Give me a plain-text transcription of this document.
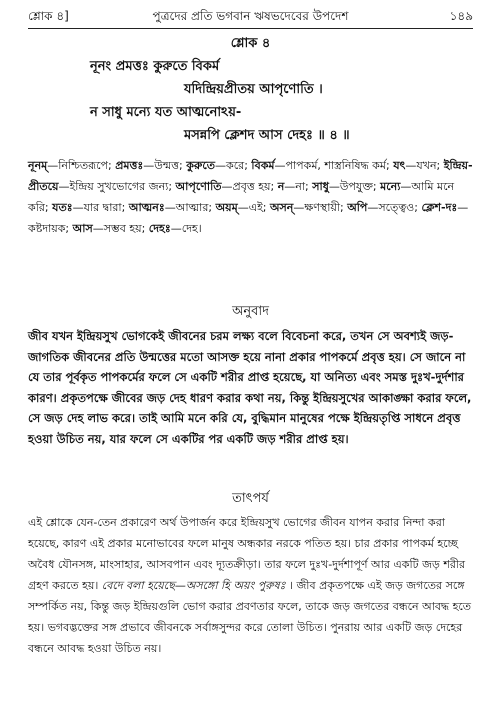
শ্লোক ৪]	পুত্রদের প্রতি ভগবান ঋষভদেবের উপদেশ	১৪৯
শ্লোক ৪
নূনং প্রমত্তঃ কুরুতে বিকর্ম
যদিন্দ্রিয়প্রীতয় আপৃণোতি ।
ন সাধু মন্যে যত আত্মনোঽয়-
মসন্নপি ক্লেশদ আস দেহঃ ॥ ৪ ॥
নূনম্—নিশ্চিতরূপে; প্রমত্তঃ—উন্মত্ত; কুরুতে—করে; বিকর্ম—পাপকর্ম, শাস্ত্রনিষিদ্ধ কর্ম; যৎ—যখন; ইন্দ্রিয়-প্রীতয়ে—ইন্দ্রিয় সুখভোগের জন্য; আপৃণোতি—প্রবৃত্ত হয়; ন—না; সাধু—উপযুক্ত; মন্যে—আমি মনে করি; যতঃ—যার দ্বারা; আত্মনঃ—আত্মার; অয়ম্—এই; অসন্—ক্ষণস্থায়ী; অপি—সত্ত্বেও; ক্লেশ-দঃ—কষ্টদায়ক; আস—সম্ভব হয়; দেহঃ—দেহ।
অনুবাদ
জীব যখন ইন্দ্রিয়সুখ ভোগকেই জীবনের চরম লক্ষ্য বলে বিবেচনা করে, তখন সে অবশ্যই জড়-জাগতিক জীবনের প্রতি উন্মত্তের মতো আসক্ত হয়ে নানা প্রকার পাপকর্মে প্রবৃত্ত হয়। সে জানে না যে তার পূর্বকৃত পাপকর্মের ফলে সে একটি শরীর প্রাপ্ত হয়েছে, যা অনিত্য এবং সমস্ত দুঃখ-দুর্দশার কারণ। প্রকৃতপক্ষে জীবের জড় দেহ ধারণ করার কথা নয়, কিন্তু ইন্দ্রিয়সুখের আকাঙ্ক্ষা করার ফলে, সে জড় দেহ লাভ করে। তাই আমি মনে করি যে, বুদ্ধিমান মানুষের পক্ষে ইন্দ্রিয়তৃপ্তি সাধনে প্রবৃত্ত হওয়া উচিত নয়, যার ফলে সে একটির পর একটি জড় শরীর প্রাপ্ত হয়।
তাৎপর্য
এই শ্লোকে যেন-তেন প্রকারেণ অর্থ উপার্জন করে ইন্দ্রিয়সুখ ভোগের জীবন যাপন করার নিন্দা করা হয়েছে, কারণ এই প্রকার মনোভাবের ফলে মানুষ অন্ধকার নরকে পতিত হয়। চার প্রকার পাপকর্ম হচ্ছে অবৈধ যৌনসঙ্গ, মাংসাহার, আসবপান এবং দ্যূতক্রীড়া। তার ফলে দুঃখ-দুর্দশাপূর্ণ আর একটি জড় শরীর গ্রহণ করতে হয়। বেদে বলা হয়েছে—অসঙ্গো হি অয়ং পুরুষঃ । জীব প্রকৃতপক্ষে এই জড় জগতের সঙ্গে সম্পর্কিত নয়, কিন্তু জড় ইন্দ্রিয়গুলি ভোগ করার প্রবণতার ফলে, তাকে জড় জগতের বন্ধনে আবদ্ধ হতে হয়। ভগবদ্ভক্তের সঙ্গ প্রভাবে জীবনকে সর্বাঙ্গসুন্দর করে তোলা উচিত। পুনরায় আর একটি জড় দেহের বন্ধনে আবদ্ধ হওয়া উচিত নয়।
